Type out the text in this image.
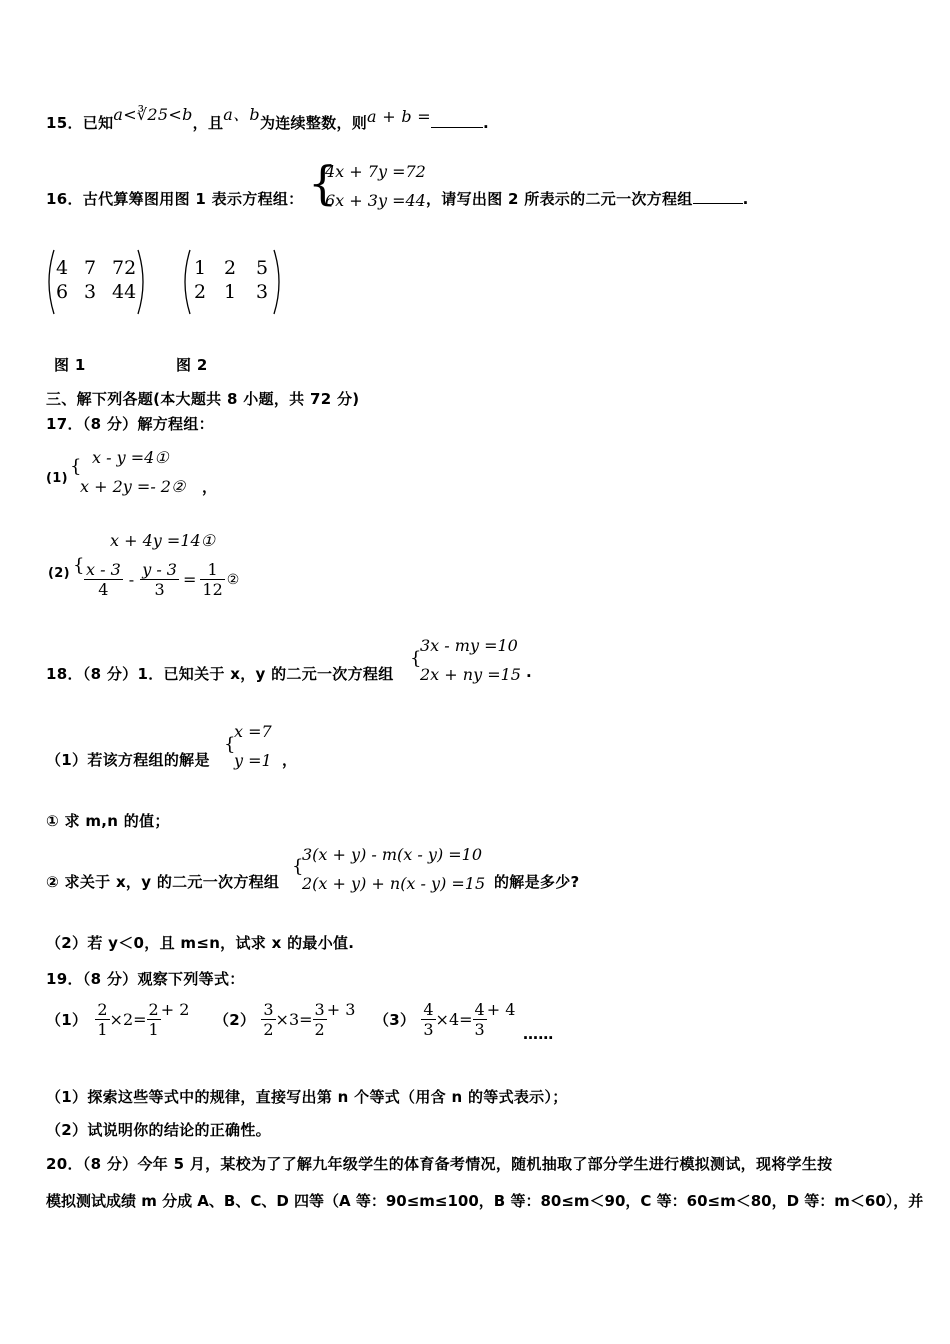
15．已知a<∛25<b，且a、b为连续整数，则a + b =	.
16．古代算筹图用图 1 表示方程组： {
4x + 7y =72
6x + 3y =44 ，请写出图 2 所表示的二元一次方程组	.
4 7 72
6 3 44
1 2	5
2 1	3
图 1	图 2
三、解下列各题(本大题共 8 小题，共 72 分)
17．（8 分）解方程组：
(1)
{ x - y =4①
x + 2y =- 2② ，
x + 4y =14①
(2) { $\frac{x - 3}{4} - \frac{y - 3}{3} = \frac{1}{12}$ ②
18．（8 分）1．已知关于 x，y 的二元一次方程组
{
3x - my =10
2x + ny =15 .
（1）若该方程组的解是
{
x =7
y =1 ，
① 求 m,n 的值；
② 求关于 x，y 的二元一次方程组
{
3(x + y) - m(x - y) =10
2(x + y) + n(x - y) =15 的解是多少?
（2）若 y＜0，且 m≤n，试求 x 的最小值.
19．（8 分）观察下列等式：
$(1) \frac{2}{1} \times 2= \frac{2}{1} + 2$
$(2) \frac{3}{2} \times 3= \frac{3}{2} + 3$
$(3) \frac{4}{3} \times 4= \frac{4}{3} + 4$
……
（1）探索这些等式中的规律，直接写出第 n 个等式（用含 n 的等式表示）；
（2）试说明你的结论的正确性。
20．（8 分）今年 5 月，某校为了了解九年级学生的体育备考情况，随机抽取了部分学生进行模拟测试，现将学生按
模拟测试成绩 m 分成 A、B、C、D 四等（A 等：90≤m≤100，B 等：80≤m＜90，C 等：60≤m＜80，D 等：m＜60），并
